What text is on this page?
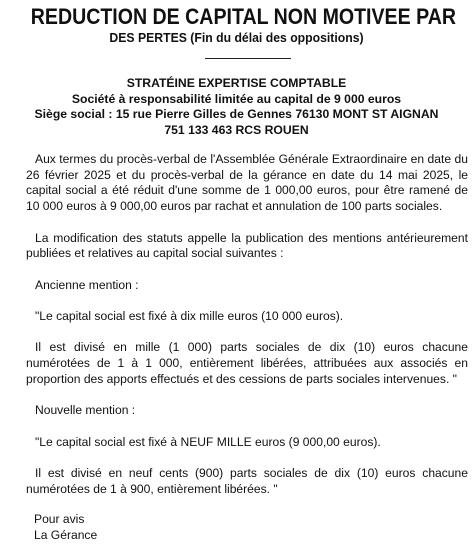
REDUCTION DE CAPITAL NON MOTIVEE PAR
DES PERTES (Fin du délai des oppositions)
STRATÉINE EXPERTISE COMPTABLE
Société à responsabilité limitée au capital de 9 000 euros
Siège social : 15 rue Pierre Gilles de Gennes 76130 MONT ST AIGNAN
751 133 463 RCS ROUEN

Aux termes du procès-verbal de l'Assemblée Générale Extraordinaire en date du 26 février 2025 et du procès-verbal de la gérance en date du 14 mai 2025, le capital social a été réduit d'une somme de 1 000,00 euros, pour être ramené de 10 000 euros à 9 000,00 euros par rachat et annulation de 100 parts sociales.

La modification des statuts appelle la publication des mentions antérieurement publiées et relatives au capital social suivantes :

Ancienne mention :

"Le capital social est fixé à dix mille euros (10 000 euros).

Il est divisé en mille (1 000) parts sociales de dix (10) euros chacune numérotées de 1 à 1 000, entièrement libérées, attribuées aux associés en proportion des apports effectués et des cessions de parts sociales intervenues. "

Nouvelle mention :

"Le capital social est fixé à NEUF MILLE euros (9 000,00 euros).

Il est divisé en neuf cents (900) parts sociales de dix (10) euros chacune numérotées de 1 à 900, entièrement libérées. "

Pour avis
La Gérance
